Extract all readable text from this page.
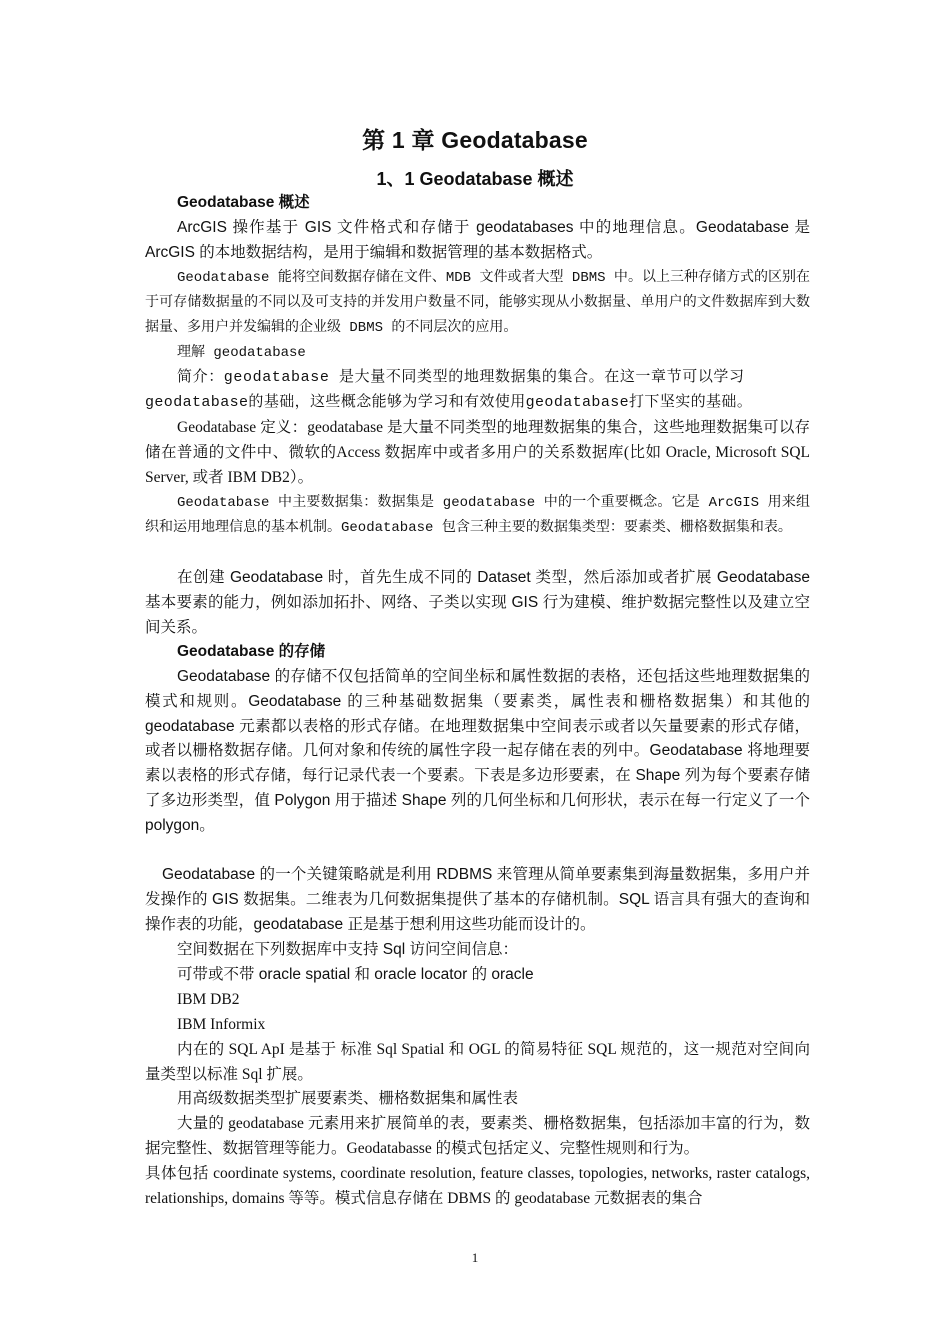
第 1 章 Geodatabase
1、1 Geodatabase 概述
Geodatabase 概述
ArcGIS 操作基于 GIS 文件格式和存储于 geodatabases 中的地理信息。Geodatabase 是 ArcGIS 的本地数据结构，是用于编辑和数据管理的基本数据格式。
Geodatabase 能将空间数据存储在文件、MDB 文件或者大型 DBMS 中。以上三种存储方式的区别在于可存储数据量的不同以及可支持的并发用户数量不同，能够实现从小数据量、单用户的文件数据库到大数据量、多用户并发编辑的企业级 DBMS 的不同层次的应用。
理解 geodatabase
简介：geodatabase 是大量不同类型的地理数据集的集合。在这一章节可以学习
geodatabase的基础，这些概念能够为学习和有效使用geodatabase打下坚实的基础。
Geodatabase 定义：geodatabase 是大量不同类型的地理数据集的集合，这些地理数据集可以存储在普通的文件中、微软的Access 数据库中或者多用户的关系数据库(比如 Oracle, Microsoft SQL Server, 或者 IBM DB2）。
Geodatabase 中主要数据集：数据集是 geodatabase 中的一个重要概念。它是 ArcGIS 用来组织和运用地理信息的基本机制。Geodatabase 包含三种主要的数据集类型：要素类、栅格数据集和表。
在创建 Geodatabase 时，首先生成不同的 Dataset 类型，然后添加或者扩展 Geodatabase 基本要素的能力，例如添加拓扑、网络、子类以实现 GIS 行为建模、维护数据完整性以及建立空间关系。
Geodatabase 的存储
Geodatabase 的存储不仅包括简单的空间坐标和属性数据的表格，还包括这些地理数据集的模式和规则。Geodatabase 的三种基础数据集（要素类，属性表和栅格数据集）和其他的 geodatabase 元素都以表格的形式存储。在地理数据集中空间表示或者以矢量要素的形式存储，或者以栅格数据存储。几何对象和传统的属性字段一起存储在表的列中。Geodatabase 将地理要素以表格的形式存储，每行记录代表一个要素。下表是多边形要素，在 Shape 列为每个要素存储了多边形类型，值 Polygon 用于描述 Shape 列的几何坐标和几何形状，表示在每一行定义了一个 polygon。
Geodatabase 的一个关键策略就是利用 RDBMS 来管理从简单要素集到海量数据集，多用户并发操作的 GIS 数据集。二维表为几何数据集提供了基本的存储机制。SQL 语言具有强大的查询和操作表的功能，geodatabase 正是基于想利用这些功能而设计的。
空间数据在下列数据库中支持 Sql 访问空间信息：
可带或不带 oracle spatial 和 oracle locator 的 oracle
IBM DB2
IBM Informix
内在的 SQL ApI 是基于 标准 Sql Spatial 和 OGL 的简易特征 SQL 规范的，这一规范对空间向量类型以标准 Sql 扩展。
用高级数据类型扩展要素类、栅格数据集和属性表
大量的 geodatabase 元素用来扩展简单的表，要素类、栅格数据集，包括添加丰富的行为，数据完整性、数据管理等能力。Geodatabasse 的模式包括定义、完整性规则和行为。
具体包括 coordinate systems, coordinate resolution, feature classes, topologies, networks, raster catalogs, relationships, domains 等等。模式信息存储在 DBMS 的 geodatabase 元数据表的集合
1
